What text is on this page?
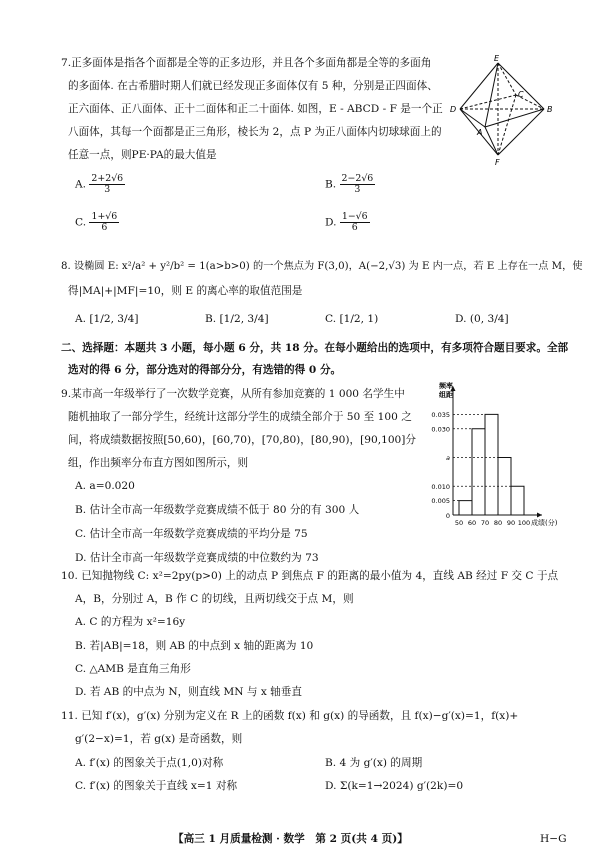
7.正多面体是指各个面都是全等的正多边形，并且各个多面角都是全等的多面角
的多面体. 在古希腊时期人们就已经发现正多面体仅有 5 种，分别是正四面体、
正六面体、正八面体、正十二面体和正二十面体. 如图，E - ABCD - F 是一个正
八面体，其每一个面都是正三角形，棱长为 2，点 P 为正八面体内切球球面上的
任意一点，则PE·PA的最大值是
E
D
C
B
A
F
A. $\frac{2+2√6}{3}$	B. $\frac{2-2√6}{3}$
C. $\frac{1+√6}{6}$	D. $\frac{1-√6}{6}$
8. 设椭圆 E: x²/a² + y²/b² = 1(a>b>0) 的一个焦点为 F(3,0)，A(−2,√3) 为 E 内一点，若 E 上存在一点 M，使
得|MA|+|MF|=10，则 E 的离心率的取值范围是
A. [1/2, 3/4]	B. [1/2, 3/4]	C. [1/2, 1)	D. (0, 3/4]
二、选择题：本题共 3 小题，每小题 6 分，共 18 分。在每小题给出的选项中，有多项符合题目要求。全部
选对的得 6 分，部分选对的得部分分，有选错的得 0 分。
9.某市高一年级举行了一次数学竞赛，从所有参加竞赛的 1 000 名学生中
随机抽取了一部分学生，经统计这部分学生的成绩全部介于 50 至 100 之
间，将成绩数据按照[50,60)，[60,70)，[70,80)，[80,90)，[90,100]分
组，作出频率分布直方图如图所示，则
A. a=0.020
B. 估计全市高一年级数学竞赛成绩不低于 80 分的有 300 人
C. 估计全市高一年级数学竞赛成绩的平均分是 75
D. 估计全市高一年级数学竞赛成绩的中位数约为 73
频率
组距
0.035
0.030
a
0.010
0.005
0
50 60 70 80 90 100 成绩(分)
10. 已知抛物线 C: x²=2py(p>0) 上的动点 P 到焦点 F 的距离的最小值为 4，直线 AB 经过 F 交 C 于点
A，B，分别过 A，B 作 C 的切线，且两切线交于点 M，则
A. C 的方程为 x²=16y
B. 若|AB|=18，则 AB 的中点到 x 轴的距离为 10
C. △AMB 是直角三角形
D. 若 AB 的中点为 N，则直线 MN 与 x 轴垂直
11. 已知 f′(x)，g′(x) 分别为定义在 R 上的函数 f(x) 和 g(x) 的导函数，且 f(x)−g′(x)=1，f(x)+
g′(2−x)=1，若 g(x) 是奇函数，则
A. f′(x) 的图象关于点(1,0)对称	B. 4 为 g′(x) 的周期
C. f′(x) 的图象关于直线 x=1 对称	D. Σ(k=1→2024) g′(2k)=0
【高三 1 月质量检测 · 数学　第 2 页(共 4 页)】	H−G
